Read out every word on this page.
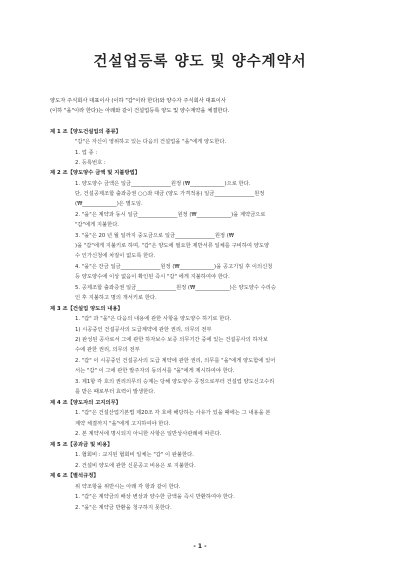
건설업등록 양도 및 양수계약서
양도자 주식회사 대표이사 (이하 "갑"이라 한다)와 양수자 주식회사 대표이사
(이하 "을"이라 한다)는 아래와 같이 건설업등록 양도 및 양수계약을 체결한다.
제 1 조【양도건설업의 종류】
"갑"은 자신이 영위하고 있는 다음의 건설업을 "을"에게 양도한다.
1. 업 종 :
2. 등록번호 :
제 2 조【양도양수 금액 및 지불방법】
1. 양도양수 금액은 일금_______________원정 (₩_____________)으로 한다.
단, 건설공제조합 출좌증권 ○○좌 대금 (양도 가격적용) 일금_______________원정
(₩_____________)은 별도임.
2. "을"은 계약과 동시 일금_______________원정 (₩_____________)을 계약금으로
"갑"에게 지불한다.
3. "을"은 20 년 월 일까지 중도금으로 일금_______________원정 (₩
)을 "갑"에게 지불키로 하며, "갑"은 양도에 필요한 제반서류 일체를 구비하여 양도양
수 인가신청에 차질이 없도록 한다.
4. "을"은 잔금 일금_______________원정 (₩_____________)을 공고기일 후 이의신청
등 양도양수에 이상 없음이 확인된 즉시 "갑" 에게 지불하여야 한다.
5. 공제조합 출좌증권 일금_______________원정 (₩_____________)은 양도양수 수리승
인 후 지불하고 명의 개서키로 한다.
제 3 조【건설업 양도의 내용】
1. "갑" 과 "을"은 다음의 내용에 관한 사항을 양도양수 하기로 한다.
1) 시공중인 건설공사의 도급계약에 관한 권리, 의무의 전부
2) 완성된 공사로서 그에 관한 하자보수 보증 의무기간 중에 있는 건설공사의 하자보
수에 관한 권리, 의무의 전부
2. "갑" 이 시공중인 건설공사의 도급 계약에 관한 권리, 의무를 "을"에게 양도함에 있어
서는 "갑" 이 그에 관한 발주자의 동의서를 "을"에게 제시하여야 한다.
3. 제1항 각 호의 권리의무의 승계는 당해 양도양수 공정으로부터 건설업 양도신고수리
를 받은 때로부터 효력이 발생한다.
제 4 조【양도자의 고지의무】
1. "갑"은 건설산업기본법 제20조 각 호에 해당하는 사유가 있을 때에는 그 내용을 본
계약 체결까지 "을"에게 고지하여야 한다.
2. 본 계약서에 명시되지 아니한 사항은 일반상사관례에 따른다.
제 5 조【공과금 및 비용】
1. 협회비 : 교지된 협회비 일체는 "갑" 이 완불한다.
2. 건설비 양도에 관한 신문공고 비용은 로 지불한다.
제 6 조【별석규정】
위 약조항을 위반시는 아래 각 항과 같이 한다.
1. "갑"은 계약금의 배상 변상과 양수한 금액을 즉시 반환하여야 한다.
2. "을"은 계약금 반환을 청구하지 못한다.
- 1 -
